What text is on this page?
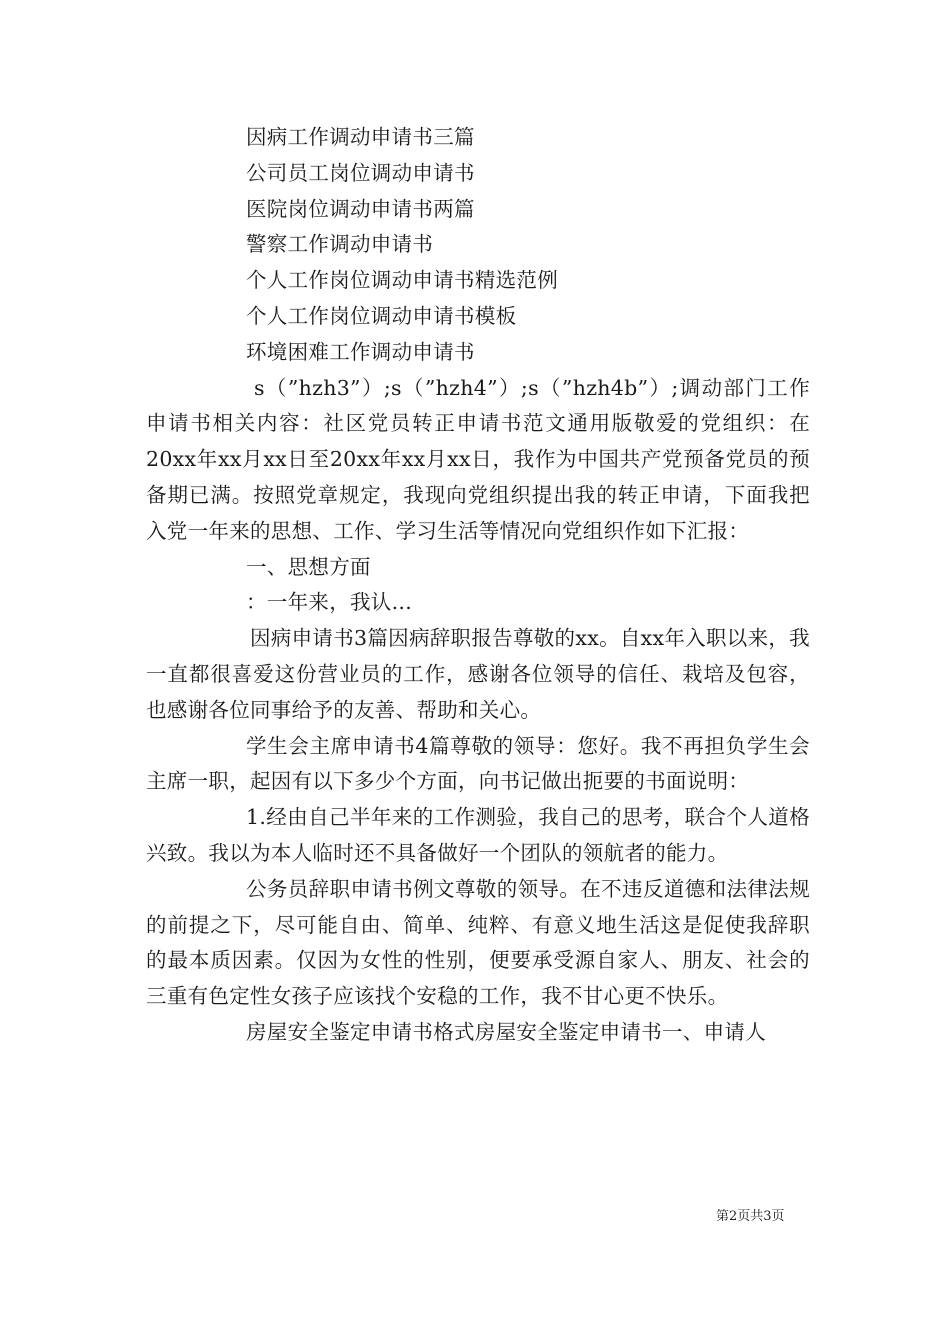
因病工作调动申请书三篇
公司员工岗位调动申请书
医院岗位调动申请书两篇
警察工作调动申请书
个人工作岗位调动申请书精选范例
个人工作岗位调动申请书模板
环境困难工作调动申请书

s（”hzh3”）;s（”hzh4”）;s（”hzh4b”）;调动部门工作申请书相关内容：社区党员转正申请书范文通用版敬爱的党组织：在20xx年xx月xx日至20xx年xx月xx日，我作为中国共产党预备党员的预备期已满。按照党章规定，我现向党组织提出我的转正申请，下面我把入党一年来的思想、工作、学习生活等情况向党组织作如下汇报：

一、思想方面
：一年来，我认...

因病申请书3篇因病辞职报告尊敬的xx。自xx年入职以来，我一直都很喜爱这份营业员的工作，感谢各位领导的信任、栽培及包容，也感谢各位同事给予的友善、帮助和关心。

学生会主席申请书4篇尊敬的领导：您好。我不再担负学生会主席一职，起因有以下多少个方面，向书记做出扼要的书面说明：

1.经由自己半年来的工作测验，我自己的思考，联合个人道格兴致。我以为本人临时还不具备做好一个团队的领航者的能力。

公务员辞职申请书例文尊敬的领导。在不违反道德和法律法规的前提之下，尽可能自由、简单、纯粹、有意义地生活这是促使我辞职的最本质因素。仅因为女性的性别，便要承受源自家人、朋友、社会的三重有色定性女孩子应该找个安稳的工作，我不甘心更不快乐。

房屋安全鉴定申请书格式房屋安全鉴定申请书一、申请人
第2页共3页
